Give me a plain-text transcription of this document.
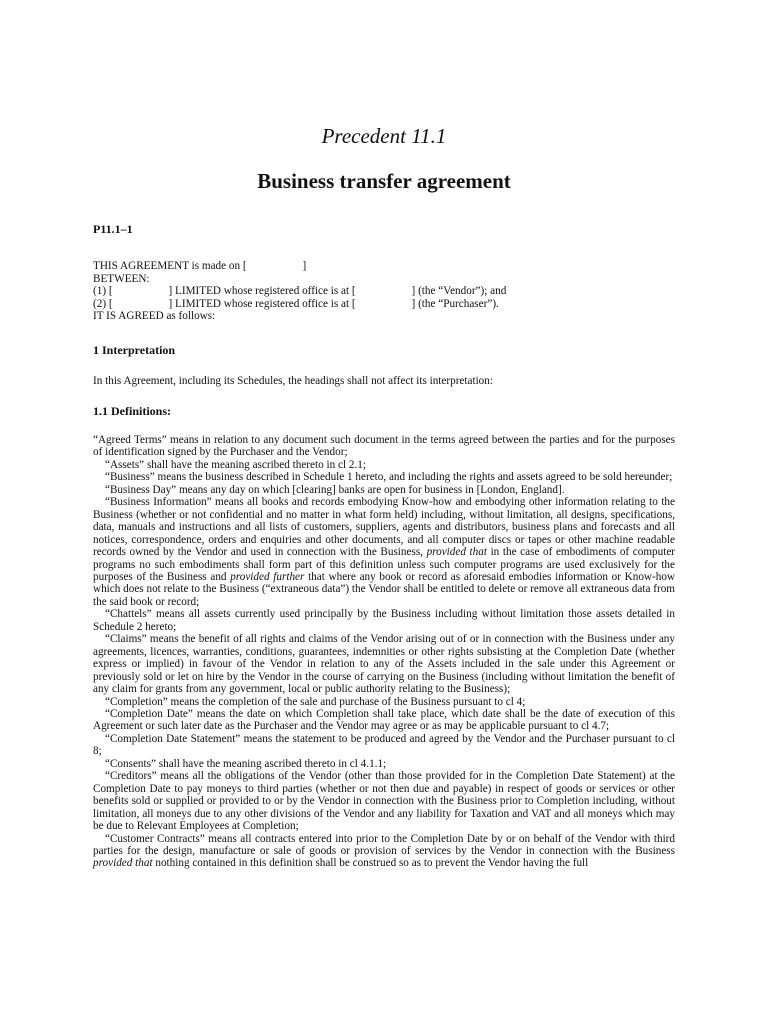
Precedent 11.1
Business transfer agreement
P11.1–1
THIS AGREEMENT is made on [                    ]
BETWEEN:
(1) [                    ] LIMITED whose registered office is at [                    ] (the “Vendor”); and
(2) [                    ] LIMITED whose registered office is at [                    ] (the “Purchaser”).
IT IS AGREED as follows:
1 Interpretation
In this Agreement, including its Schedules, the headings shall not affect its interpretation:
1.1 Definitions:

“Agreed Terms” means in relation to any document such document in the terms agreed between the parties and for the purposes of identification signed by the Purchaser and the Vendor;

“Assets” shall have the meaning ascribed thereto in cl 2.1;

“Business” means the business described in Schedule 1 hereto, and including the rights and assets agreed to be sold hereunder;

“Business Day” means any day on which [clearing] banks are open for business in [London, England].

“Business Information” means all books and records embodying Know-how and embodying other information relating to the Business (whether or not confidential and no matter in what form held) including, without limitation, all designs, specifications, data, manuals and instructions and all lists of customers, suppliers, agents and distributors, business plans and forecasts and all notices, correspondence, orders and enquiries and other documents, and all computer discs or tapes or other machine readable records owned by the Vendor and used in connection with the Business, provided that in the case of embodiments of computer programs no such embodiments shall form part of this definition unless such computer programs are used exclusively for the purposes of the Business and provided further that where any book or record as aforesaid embodies information or Know-how which does not relate to the Business (“extraneous data”) the Vendor shall be entitled to delete or remove all extraneous data from the said book or record;

“Chattels” means all assets currently used principally by the Business including without limitation those assets detailed in Schedule 2 hereto;

“Claims” means the benefit of all rights and claims of the Vendor arising out of or in connection with the Business under any agreements, licences, warranties, conditions, guarantees, indemnities or other rights subsisting at the Completion Date (whether express or implied) in favour of the Vendor in relation to any of the Assets included in the sale under this Agreement or previously sold or let on hire by the Vendor in the course of carrying on the Business (including without limitation the benefit of any claim for grants from any government, local or public authority relating to the Business);

“Completion” means the completion of the sale and purchase of the Business pursuant to cl 4;

“Completion Date” means the date on which Completion shall take place, which date shall be the date of execution of this Agreement or such later date as the Purchaser and the Vendor may agree or as may be applicable pursuant to cl 4.7;

“Completion Date Statement” means the statement to be produced and agreed by the Vendor and the Purchaser pursuant to cl 8;

“Consents” shall have the meaning ascribed thereto in cl 4.1.1;

“Creditors” means all the obligations of the Vendor (other than those provided for in the Completion Date Statement) at the Completion Date to pay moneys to third parties (whether or not then due and payable) in respect of goods or services or other benefits sold or supplied or provided to or by the Vendor in connection with the Business prior to Completion including, without limitation, all moneys due to any other divisions of the Vendor and any liability for Taxation and VAT and all moneys which may be due to Relevant Employees at Completion;

“Customer Contracts” means all contracts entered into prior to the Completion Date by or on behalf of the Vendor with third parties for the design, manufacture or sale of goods or provision of services by the Vendor in connection with the Business provided that nothing contained in this definition shall be construed so as to prevent the Vendor having the full
